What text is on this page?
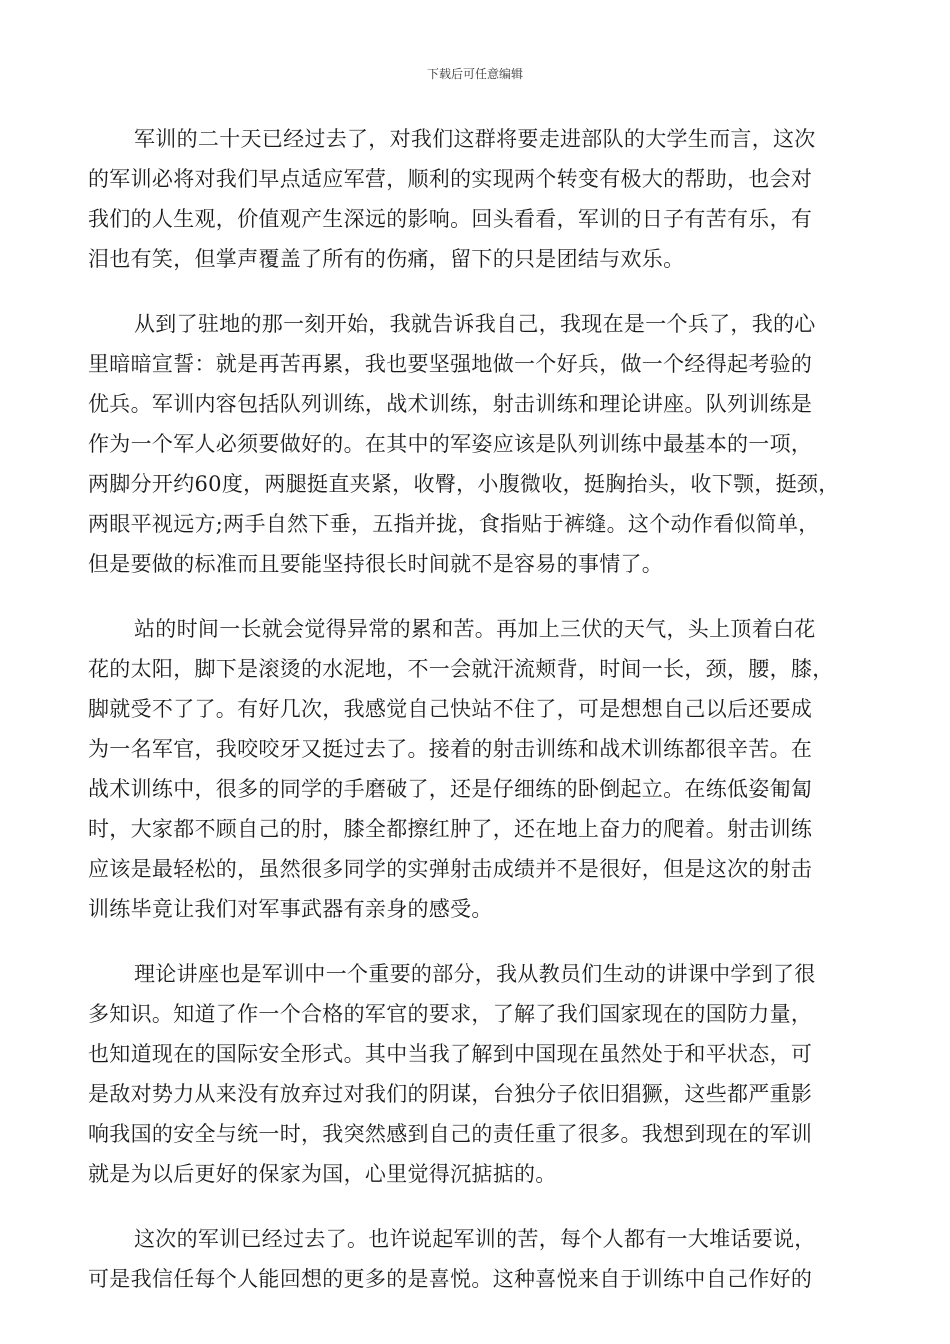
下载后可任意编辑
军训的二十天已经过去了，对我们这群将要走进部队的大学生而言，这次
的军训必将对我们早点适应军营，顺利的实现两个转变有极大的帮助，也会对
我们的人生观，价值观产生深远的影响。回头看看，军训的日子有苦有乐，有
泪也有笑，但掌声覆盖了所有的伤痛，留下的只是团结与欢乐。
从到了驻地的那一刻开始，我就告诉我自己，我现在是一个兵了，我的心
里暗暗宣誓：就是再苦再累，我也要坚强地做一个好兵，做一个经得起考验的
优兵。军训内容包括队列训练，战术训练，射击训练和理论讲座。队列训练是
作为一个军人必须要做好的。在其中的军姿应该是队列训练中最基本的一项，
两脚分开约60度，两腿挺直夹紧，收臀，小腹微收，挺胸抬头，收下颚，挺颈，
两眼平视远方;两手自然下垂，五指并拢，食指贴于裤缝。这个动作看似简单，
但是要做的标准而且要能坚持很长时间就不是容易的事情了。
站的时间一长就会觉得异常的累和苦。再加上三伏的天气，头上顶着白花
花的太阳，脚下是滚烫的水泥地，不一会就汗流颊背，时间一长，颈，腰，膝，
脚就受不了了。有好几次，我感觉自己快站不住了，可是想想自己以后还要成
为一名军官，我咬咬牙又挺过去了。接着的射击训练和战术训练都很辛苦。在
战术训练中，很多的同学的手磨破了，还是仔细练的卧倒起立。在练低姿匍匐
时，大家都不顾自己的肘，膝全都擦红肿了，还在地上奋力的爬着。射击训练
应该是最轻松的，虽然很多同学的实弹射击成绩并不是很好，但是这次的射击
训练毕竟让我们对军事武器有亲身的感受。
理论讲座也是军训中一个重要的部分，我从教员们生动的讲课中学到了很
多知识。知道了作一个合格的军官的要求，了解了我们国家现在的国防力量，
也知道现在的国际安全形式。其中当我了解到中国现在虽然处于和平状态，可
是敌对势力从来没有放弃过对我们的阴谋，台独分子依旧猖獗，这些都严重影
响我国的安全与统一时，我突然感到自己的责任重了很多。我想到现在的军训
就是为以后更好的保家为国，心里觉得沉掂掂的。
这次的军训已经过去了。也许说起军训的苦，每个人都有一大堆话要说，
可是我信任每个人能回想的更多的是喜悦。这种喜悦来自于训练中自己作好的
